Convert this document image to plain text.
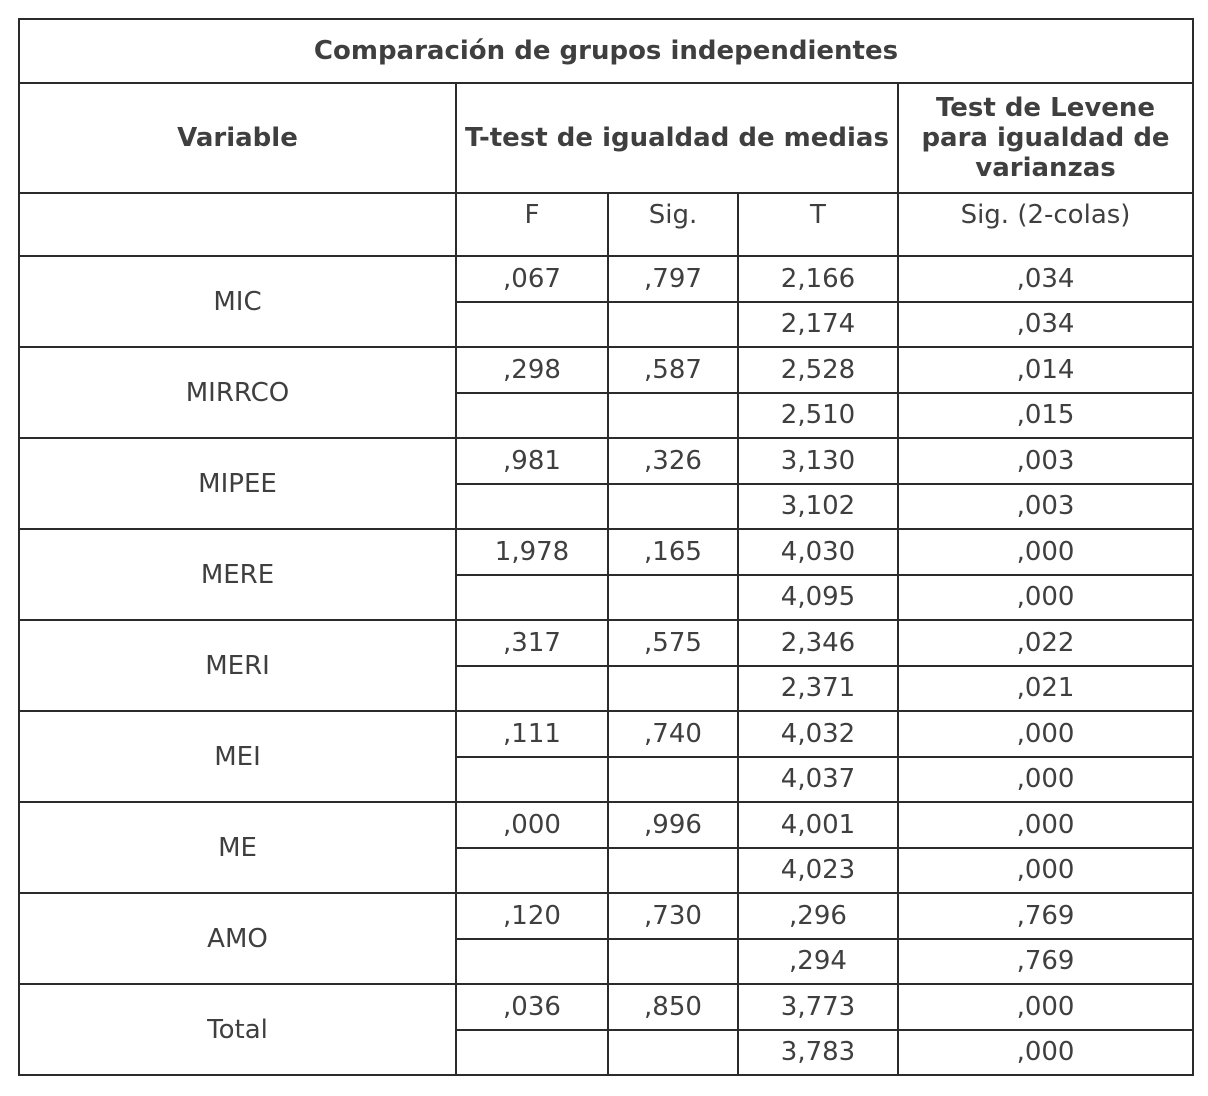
Comparación de grupos independientes				
Variable	T-test de igualdad de medias			Test de Levene para igualdad de varianzas
	F	Sig.	T	Sig. (2-colas)
MIC	,067	,797	2,166	,034
			2,174	,034
MIRRCO	,298	,587	2,528	,014
			2,510	,015
MIPEE	,981	,326	3,130	,003
			3,102	,003
MERE	1,978	,165	4,030	,000
			4,095	,000
MERI	,317	,575	2,346	,022
			2,371	,021
MEI	,111	,740	4,032	,000
			4,037	,000
ME	,000	,996	4,001	,000
			4,023	,000
AMO	,120	,730	,296	,769
			,294	,769
Total	,036	,850	3,773	,000
			3,783	,000
